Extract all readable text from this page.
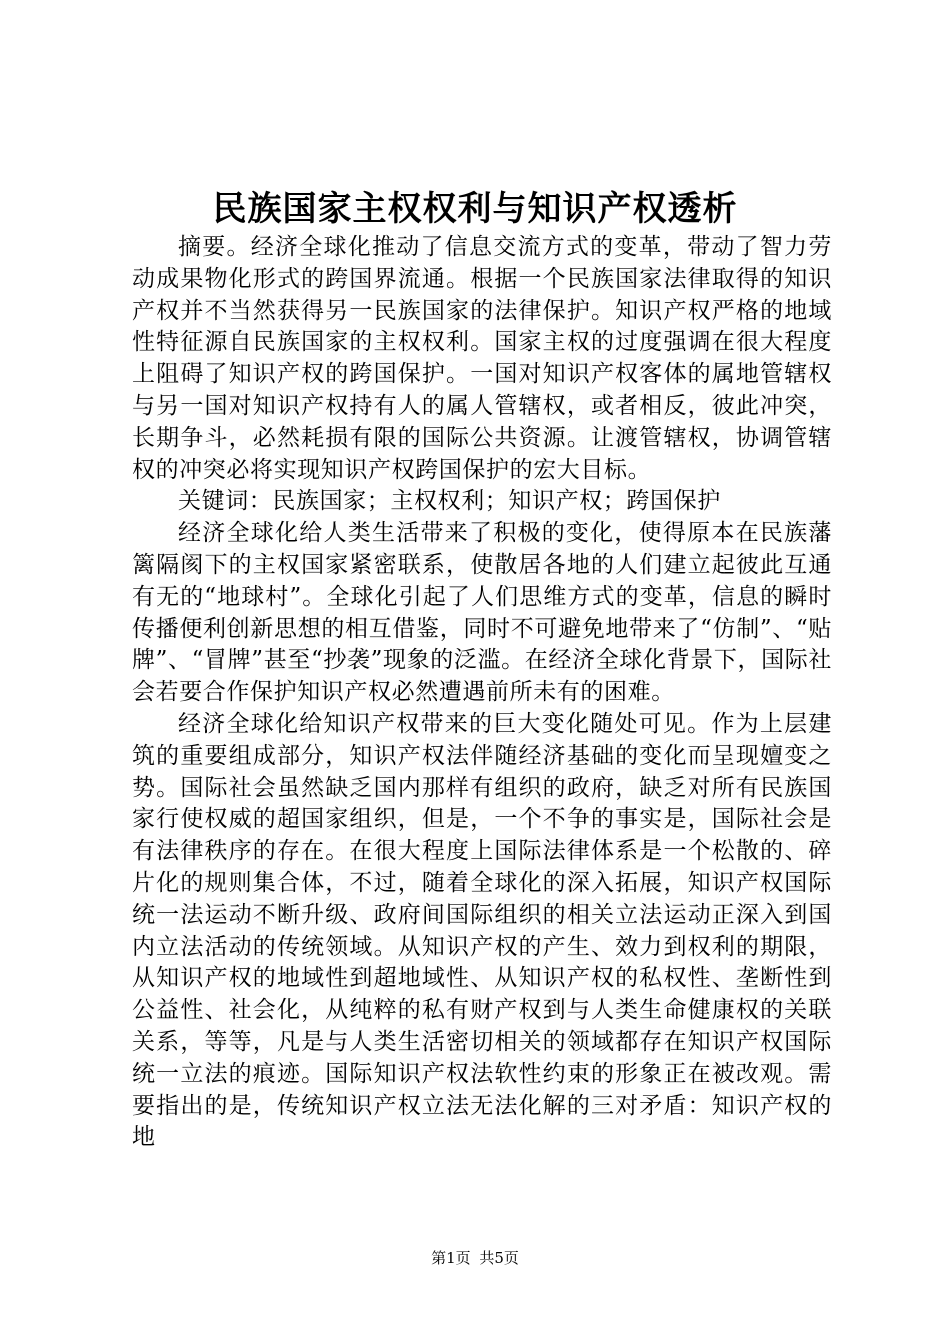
民族国家主权权利与知识产权透析

摘要。经济全球化推动了信息交流方式的变革，带动了智力劳动成果物化形式的跨国界流通。根据一个民族国家法律取得的知识产权并不当然获得另一民族国家的法律保护。知识产权严格的地域性特征源自民族国家的主权权利。国家主权的过度强调在很大程度上阻碍了知识产权的跨国保护。一国对知识产权客体的属地管辖权与另一国对知识产权持有人的属人管辖权，或者相反，彼此冲突，长期争斗，必然耗损有限的国际公共资源。让渡管辖权，协调管辖权的冲突必将实现知识产权跨国保护的宏大目标。

关键词：民族国家；主权权利；知识产权；跨国保护

经济全球化给人类生活带来了积极的变化，使得原本在民族藩篱隔阂下的主权国家紧密联系，使散居各地的人们建立起彼此互通有无的“地球村”。全球化引起了人们思维方式的变革，信息的瞬时传播便利创新思想的相互借鉴，同时不可避免地带来了“仿制”、“贴牌”、“冒牌”甚至“抄袭”现象的泛滥。在经济全球化背景下，国际社会若要合作保护知识产权必然遭遇前所未有的困难。

经济全球化给知识产权带来的巨大变化随处可见。作为上层建筑的重要组成部分，知识产权法伴随经济基础的变化而呈现嬗变之势。国际社会虽然缺乏国内那样有组织的政府，缺乏对所有民族国家行使权威的超国家组织，但是，一个不争的事实是，国际社会是有法律秩序的存在。在很大程度上国际法律体系是一个松散的、碎片化的规则集合体，不过，随着全球化的深入拓展，知识产权国际统一法运动不断升级、政府间国际组织的相关立法运动正深入到国内立法活动的传统领域。从知识产权的产生、效力到权利的期限，从知识产权的地域性到超地域性、从知识产权的私权性、垄断性到公益性、社会化，从纯粹的私有财产权到与人类生命健康权的关联关系，等等，凡是与人类生活密切相关的领域都存在知识产权国际统一立法的痕迹。国际知识产权法软性约束的形象正在被改观。需要指出的是，传统知识产权立法无法化解的三对矛盾：知识产权的地

第1页 共5页
